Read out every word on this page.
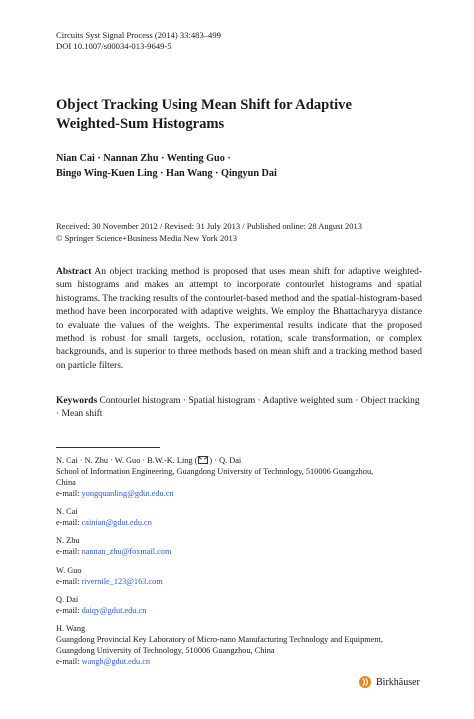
Circuits Syst Signal Process (2014) 33:483–499
DOI 10.1007/s00034-013-9649-5
Object Tracking Using Mean Shift for Adaptive
Weighted-Sum Histograms
Nian Cai · Nannan Zhu · Wenting Guo ·
Bingo Wing-Kuen Ling · Han Wang · Qingyun Dai
Received: 30 November 2012 / Revised: 31 July 2013 / Published online: 28 August 2013
© Springer Science+Business Media New York 2013
Abstract An object tracking method is proposed that uses mean shift for adaptive weighted-sum histograms and makes an attempt to incorporate contourlet histograms and spatial histograms. The tracking results of the contourlet-based method and the spatial-histogram-based method have been incorporated with adaptive weights. We employ the Bhattacharyya distance to evaluate the values of the weights. The experimental results indicate that the proposed method is robust for small targets, occlusion, rotation, scale transformation, or complex backgrounds, and is superior to three methods based on mean shift and a tracking method based on particle filters.
Keywords Contourlet histogram · Spatial histogram · Adaptive weighted sum · Object tracking · Mean shift
N. Cai · N. Zhu · W. Guo · B.W.-K. Ling ( ) · Q. Dai
School of Information Engineering, Guangdong University of Technology, 510006 Guangzhou,
China
e-mail: yongquanling@gdut.edu.cn
N. Cai
e-mail: cainian@gdut.edu.cn
N. Zhu
e-mail: nannan_zhu@foxmail.com
W. Guo
e-mail: rivernile_123@163.com
Q. Dai
e-mail: daiqy@gdut.edu.cn
H. Wang
Guangdong Provincial Key Laboratory of Micro-nano Manufacturing Technology and Equipment,
Guangdong University of Technology, 510006 Guangzhou, China
e-mail: wangh@gdut.edu.cn
Birkhäuser
